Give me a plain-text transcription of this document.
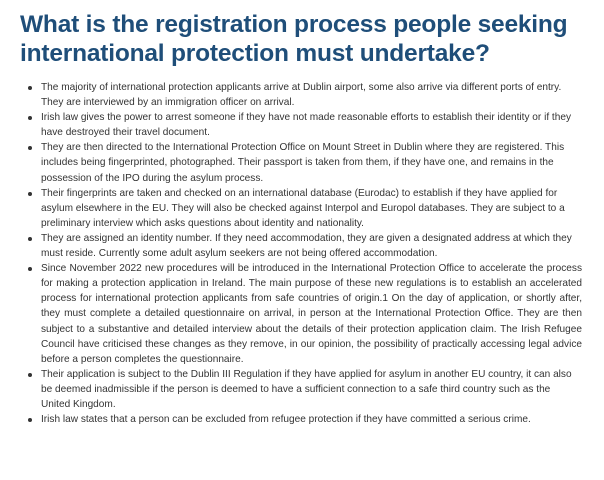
What is the registration process people seeking international protection must undertake?
The majority of international protection applicants arrive at Dublin airport, some also arrive via different ports of entry. They are interviewed by an immigration officer on arrival.
Irish law gives the power to arrest someone if they have not made reasonable efforts to establish their identity or if they have destroyed their travel document.
They are then directed to the International Protection Office on Mount Street in Dublin where they are registered. This includes being fingerprinted, photographed. Their passport is taken from them, if they have one, and remains in the possession of the IPO during the asylum process.
Their fingerprints are taken and checked on an international database (Eurodac) to establish if they have applied for asylum elsewhere in the EU. They will also be checked against Interpol and Europol databases. They are subject to a preliminary interview which asks questions about identity and nationality.
They are assigned an identity number. If they need accommodation, they are given a designated address at which they must reside. Currently some adult asylum seekers are not being offered accommodation.
Since November 2022 new procedures will be introduced in the International Protection Office to accelerate the process for making a protection application in Ireland. The main purpose of these new regulations is to establish an accelerated process for international protection applicants from safe countries of origin.1 On the day of application, or shortly after, they must complete a detailed questionnaire on arrival, in person at the International Protection Office. They are then subject to a substantive and detailed interview about the details of their protection application claim. The Irish Refugee Council have criticised these changes as they remove, in our opinion, the possibility of practically accessing legal advice before a person completes the questionnaire.
Their application is subject to the Dublin III Regulation if they have applied for asylum in another EU country, it can also be deemed inadmissible if the person is deemed to have a sufficient connection to a safe third country such as the United Kingdom.
Irish law states that a person can be excluded from refugee protection if they have committed a serious crime.
